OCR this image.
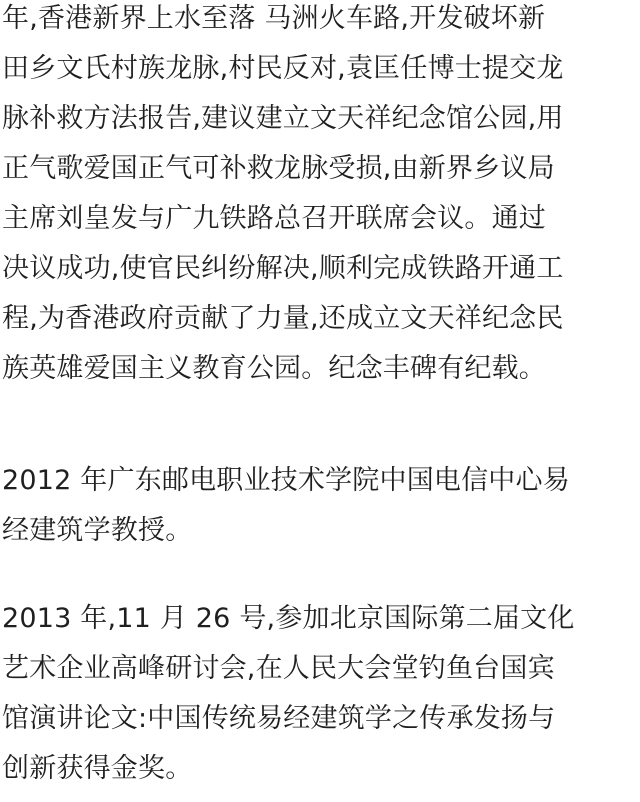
年,香港新界上水至落 马洲火车路,开发破坏新
田乡文氏村族龙脉,村民反对,袁匡任博士提交龙
脉补救方法报告,建议建立文天祥纪念馆公园,用
正气歌爱国正气可补救龙脉受损,由新界乡议局
主席刘皇发与广九铁路总召开联席会议。通过
决议成功,使官民纠纷解决,顺利完成铁路开通工
程,为香港政府贡献了力量,还成立文天祥纪念民
族英雄爱国主义教育公园。纪念丰碑有纪载。
2012 年广东邮电职业技术学院中国电信中心易
经建筑学教授。
2013 年,11 月 26 号,参加北京国际第二届文化
艺术企业高峰研讨会,在人民大会堂钓鱼台国宾
馆演讲论文:中国传统易经建筑学之传承发扬与
创新获得金奖。
